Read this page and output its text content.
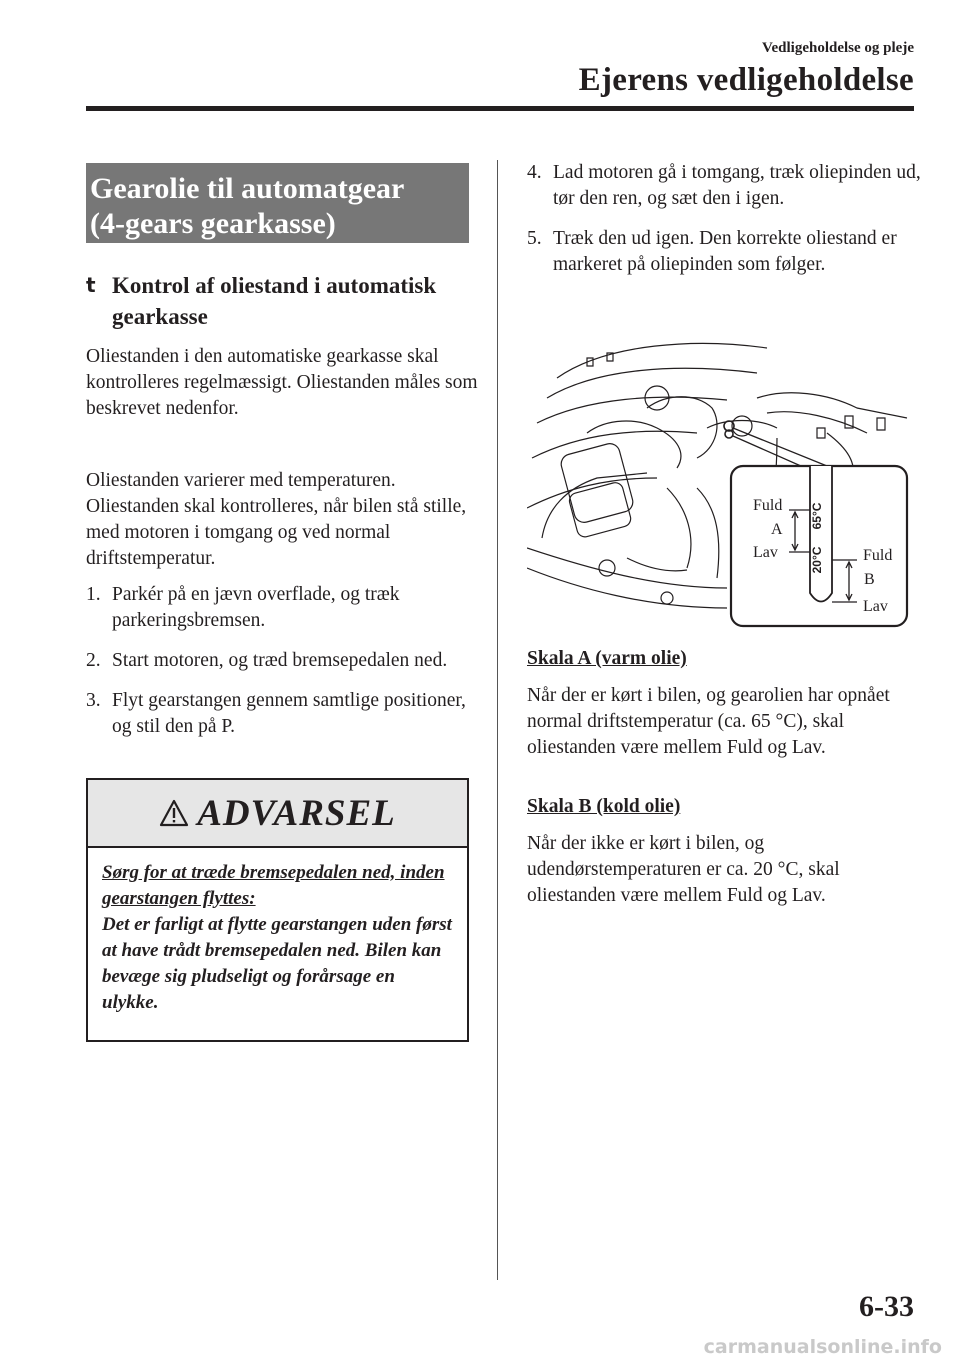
Vedligeholdelse og pleje
Ejerens vedligeholdelse
Gearolie til automatgear
(4-gears gearkasse)
t Kontrol af oliestand i automatisk gearkasse
Oliestanden i den automatiske gearkasse skal kontrolleres regelmæssigt. Oliestanden måles som beskrevet nedenfor.
Oliestanden varierer med temperaturen. Oliestanden skal kontrolleres, når bilen stå stille, med motoren i tomgang og ved normal driftstemperatur.
1. Parkér på en jævn overflade, og træk parkeringsbremsen.
2. Start motoren, og træd bremsepedalen ned.
3. Flyt gearstangen gennem samtlige positioner, og stil den på P.
ADVARSEL
Sørg for at træde bremsepedalen ned, inden gearstangen flyttes:
Det er farligt at flytte gearstangen uden først at have trådt bremsepedalen ned. Bilen kan bevæge sig pludseligt og forårsage en ulykke.
4. Lad motoren gå i tomgang, træk oliepinden ud, tør den ren, og sæt den i igen.
5. Træk den ud igen. Den korrekte oliestand er markeret på oliepinden som følger.
65°C
20°C
Fuld
A
Lav	Fuld
B
Lav
Skala A (varm olie)
Når der er kørt i bilen, og gearolien har opnået normal driftstemperatur (ca. 65 °C), skal oliestanden være mellem Fuld og Lav.
Skala B (kold olie)
Når der ikke er kørt i bilen, og udendørstemperaturen er ca. 20 °C, skal oliestanden være mellem Fuld og Lav.
6-33
carmanualsonline.info
